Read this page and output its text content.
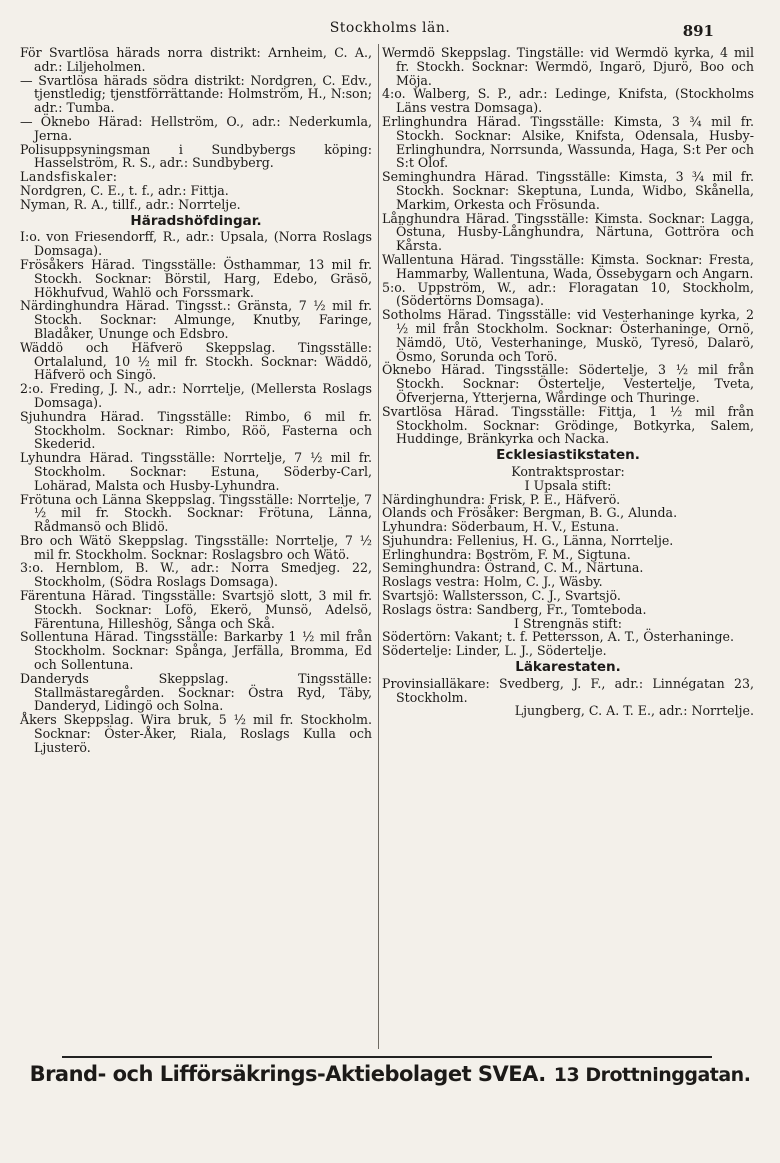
Stockholms län.	891

För Svartlösa härads norra distrikt: Arnheim, C. A., adr.: Liljeholmen.

— Svartlösa härads södra distrikt: Nordgren, C. Edv., tjenstledig; tjenstförrättande: Holmström, H., N:son; adr.: Tumba.

— Öknebo Härad: Hellström, O., adr.: Nederkumla, Jerna.

Polisuppsyningsman i Sundbybergs köping: Hasselström, R. S., adr.: Sundbyberg.

Landsfiskaler:

Nordgren, C. E., t. f., adr.: Fittja.

Nyman, R. A., tillf., adr.: Norrtelje.

Häradshöfdingar.

I:o. von Friesendorff, R., adr.: Upsala, (Norra Roslags Domsaga).

Frösåkers Härad. Tingsställe: Östhammar, 13 mil fr. Stockh. Socknar: Börstil, Harg, Edebo, Gräsö, Hökhufvud, Wahlö och Forssmark.

Närdinghundra Härad. Tingsst.: Gränsta, 7 ½ mil fr. Stockh. Socknar: Almunge, Knutby, Faringe, Bladåker, Ununge och Edsbro.

Wäddö och Häfverö Skeppslag. Tingsställe: Ortalalund, 10 ½ mil fr. Stockh. Socknar: Wäddö, Häfverö och Singö.

2:o. Freding, J. N., adr.: Norrtelje, (Mellersta Roslags Domsaga).

Sjuhundra Härad. Tingsställe: Rimbo, 6 mil fr. Stockholm. Socknar: Rimbo, Röö, Fasterna och Skederid.

Lyhundra Härad. Tingsställe: Norrtelje, 7 ½ mil fr. Stockholm. Socknar: Estuna, Söderby-Carl, Lohärad, Malsta och Husby-Lyhundra.

Frötuna och Länna Skeppslag. Tingsställe: Norrtelje, 7 ½ mil fr. Stockh. Socknar: Frötuna, Länna, Rådmansö och Blidö.

Bro och Wätö Skeppslag. Tingsställe: Norrtelje, 7 ½ mil fr. Stockholm. Socknar: Roslagsbro och Wätö.

3:o. Hernblom, B. W., adr.: Norra Smedjeg. 22, Stockholm, (Södra Roslags Domsaga).

Färentuna Härad. Tingsställe: Svartsjö slott, 3 mil fr. Stockh. Socknar: Lofö, Ekerö, Munsö, Adelsö, Färentuna, Hilleshög, Sånga och Skå.

Sollentuna Härad. Tingsställe: Barkarby 1 ½ mil från Stockholm. Socknar: Spånga, Jerfälla, Bromma, Ed och Sollentuna.

Danderyds Skeppslag. Tingsställe: Stallmästaregården. Socknar: Östra Ryd, Täby, Danderyd, Lidingö och Solna.

Åkers Skeppslag. Wira bruk, 5 ½ mil fr. Stockholm. Socknar: Öster-Åker, Riala, Roslags Kulla och Ljusterö.

Wermdö Skeppslag. Tingställe: vid Wermdö kyrka, 4 mil fr. Stockh. Socknar: Wermdö, Ingarö, Djurö, Boo och Möja.

4:o. Walberg, S. P., adr.: Ledinge, Knifsta, (Stockholms Läns vestra Domsaga).

Erlinghundra Härad. Tingsställe: Kimsta, 3 ¾ mil fr. Stockh. Socknar: Alsike, Knifsta, Odensala, Husby-Erlinghundra, Norrsunda, Wassunda, Haga, S:t Per och S:t Olof.

Seminghundra Härad. Tingsställe: Kimsta, 3 ¾ mil fr. Stockh. Socknar: Skeptuna, Lunda, Widbo, Skånella, Markim, Orkesta och Frösunda.

Långhundra Härad. Tingsställe: Kimsta. Socknar: Lagga, Östuna, Husby-Långhundra, Närtuna, Gottröra och Kårsta.

Wallentuna Härad. Tingsställe: Kimsta. Socknar: Fresta, Hammarby, Wallentuna, Wada, Össebygarn och Angarn.

5:o. Uppström, W., adr.: Floragatan 10, Stockholm, (Södertörns Domsaga).

Sotholms Härad. Tingsställe: vid Vesterhaninge kyrka, 2 ½ mil från Stockholm. Socknar: Österhaninge, Ornö, Nämdö, Utö, Vesterhaninge, Muskö, Tyresö, Dalarö, Ösmo, Sorunda och Torö.

Öknebo Härad. Tingsställe: Södertelje, 3 ½ mil från Stockh. Socknar: Östertelje, Vestertelje, Tveta, Öfverjerna, Ytterjerna, Wårdinge och Thuringe.

Svartlösa Härad. Tingsställe: Fittja, 1 ½ mil från Stockholm. Socknar: Grödinge, Botkyrka, Salem, Huddinge, Bränkyrka och Nacka.

Ecklesiastikstaten.

Kontraktsprostar:

I Upsala stift:

Närdinghundra: Frisk, P. E., Häfverö.

Olands och Frösåker: Bergman, B. G., Alunda.

Lyhundra: Söderbaum, H. V., Estuna.

Sjuhundra: Fellenius, H. G., Länna, Norrtelje.

Erlinghundra: Boström, F. M., Sigtuna.

Seminghundra: Östrand, C. M., Närtuna.

Roslags vestra: Holm, C. J., Wäsby.

Svartsjö: Wallstersson, C. J., Svartsjö.

Roslags östra: Sandberg, Fr., Tomteboda.

I Strengnäs stift:

Södertörn: Vakant; t. f. Pettersson, A. T., Österhaninge.

Södertelje: Linder, L. J., Södertelje.

Läkarestaten.

Provinsialläkare: Svedberg, J. F., adr.: Linnégatan 23, Stockholm.

Ljungberg, C. A. T. E., adr.: Norrtelje.

Brand- och Lifförsäkrings-Aktiebolaget SVEA. 13 Drottninggatan.
